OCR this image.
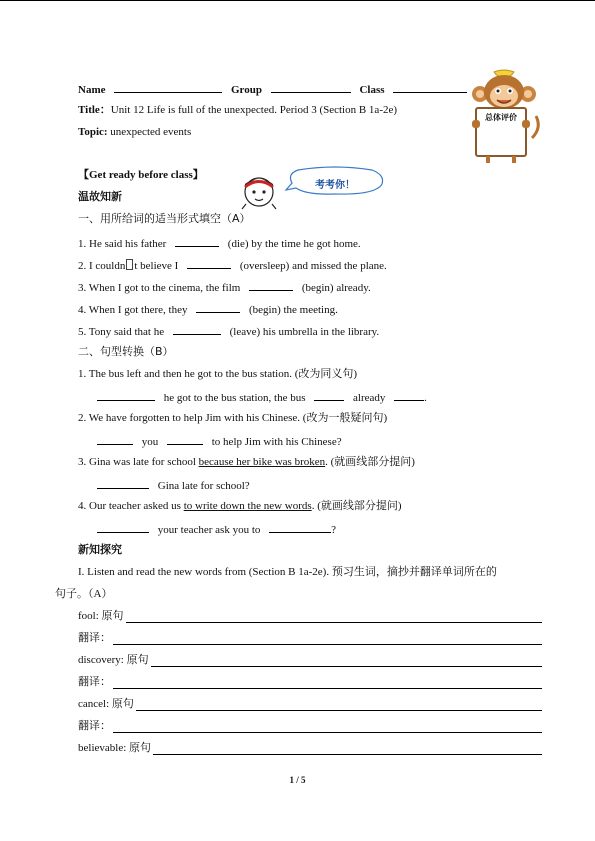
Name	Group	Class
Title：Unit 12 Life is full of the unexpected. Period 3 (Section B 1a-2e)
Topic: unexpected events
总体评价
【Get ready before class】
考考你！
温故知新
一、用所给词的适当形式填空（A）
1. He said his father	(die) by the time he got home.
2. I couldn t believe I	(oversleep) and missed the plane.
3. When I got to the cinema, the film	(begin) already.
4. When I got there, they	(begin) the meeting.
5. Tony said that he	(leave) his umbrella in the library.
二、句型转换（B）
1. The bus left and then he got to the bus station. (改为同义句)
he got to the bus station, the bus	already	.
2. We have forgotten to help Jim with his Chinese. (改为一般疑问句)
you	to help Jim with his Chinese?
3. Gina was late for school because her bike was broken. (就画线部分提问)
Gina late for school?
4. Our teacher asked us to write down the new words. (就画线部分提问)
your teacher ask you to	?
新知探究
I. Listen and read the new words from (Section B 1a-2e). 预习生词，摘抄并翻译单词所在的
句子。（A）
fool: 原句
翻译：
discovery: 原句
翻译：
cancel: 原句
翻译：
believable: 原句
1 / 5
